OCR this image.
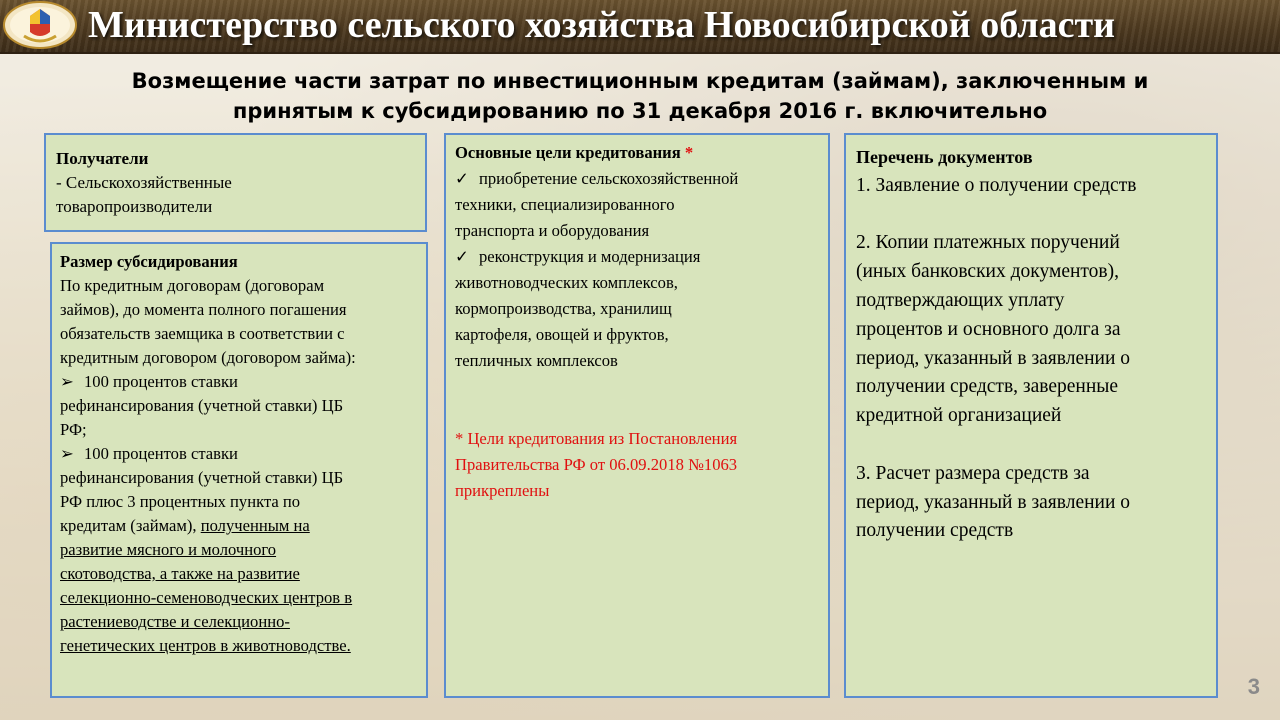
Министерство сельского хозяйства Новосибирской области
Возмещение части затрат по инвестиционным кредитам (займам), заключенным и
принятым к субсидированию по 31 декабря 2016 г. включительно
Получатели
- Сельскохозяйственные
товаропроизводители
Размер субсидирования
По кредитным договорам (договорам
займов), до момента полного погашения
обязательств заемщика в соответствии с
кредитным договором (договором займа):
➢ 100 процентов ставки
рефинансирования (учетной ставки) ЦБ
РФ;
➢ 100 процентов ставки
рефинансирования (учетной ставки) ЦБ
РФ плюс 3 процентных пункта по
кредитам (займам), полученным на
развитие мясного и молочного
скотоводства, а также на развитие
селекционно-семеноводческих центров в
растениеводстве и селекционно-
генетических центров в животноводстве.
Основные цели кредитования *
✓ приобретение сельскохозяйственной
техники, специализированного
транспорта и оборудования
✓ реконструкция и модернизация
животноводческих комплексов,
кормопроизводства, хранилищ
картофеля, овощей и фруктов,
тепличных комплексов
* Цели кредитования из Постановления
Правительства РФ от 06.09.2018 №1063
прикреплены
Перечень документов
1. Заявление о получении средств
2. Копии платежных поручений
(иных банковских документов),
подтверждающих уплату
процентов и основного долга за
период, указанный в заявлении о
получении средств, заверенные
кредитной организацией
3. Расчет размера средств за
период, указанный в заявлении о
получении средств
3
